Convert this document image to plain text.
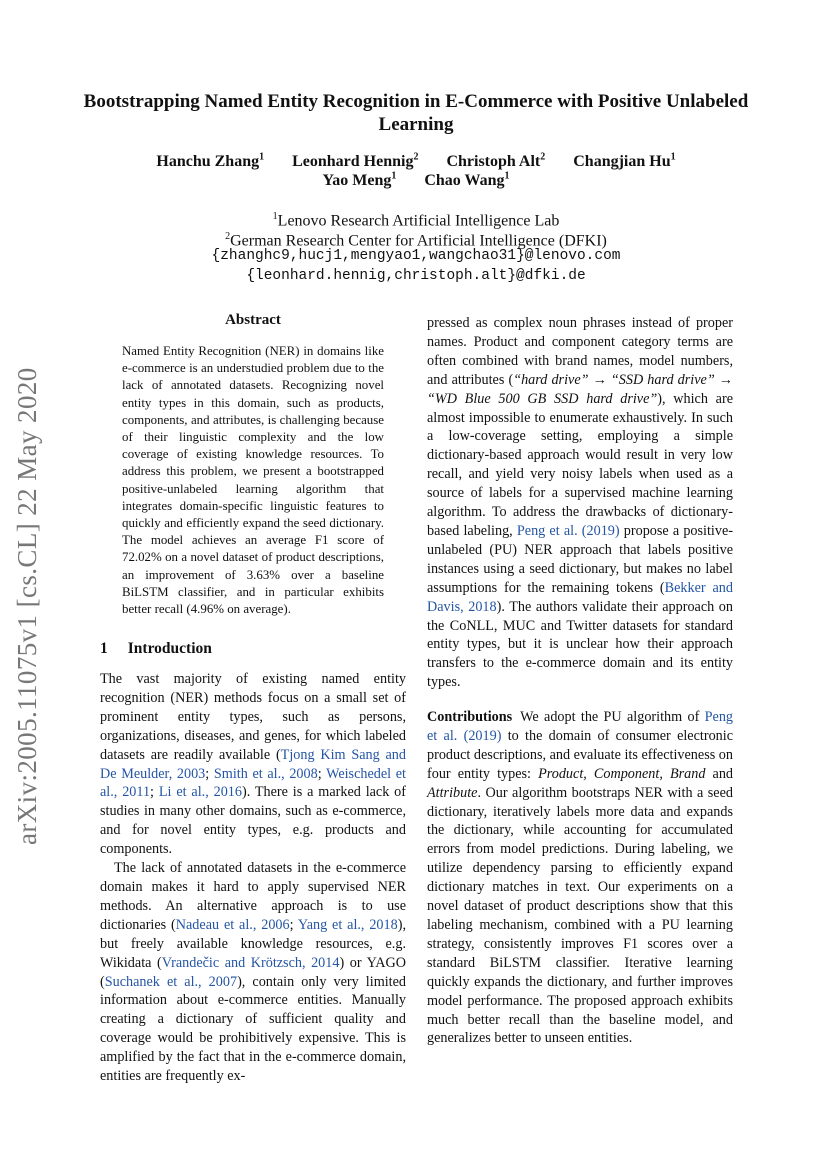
arXiv:2005.11075v1 [cs.CL] 22 May 2020
Bootstrapping Named Entity Recognition in E-Commerce with Positive Unlabeled Learning
Hanchu Zhang$^1$ Leonhard Hennig$^2$ Christoph Alt$^2$ Changjian Hu$^1$
Yao Meng$^1$ Chao Wang$^1$
$^1$Lenovo Research Artificial Intelligence Lab
$^2$German Research Center for Artificial Intelligence (DFKI)
{zhanghc9,hucj1,mengyao1,wangchao31}@lenovo.com
{leonhard.hennig,christoph.alt}@dfki.de
Abstract
Named Entity Recognition (NER) in domains like e-commerce is an understudied problem due to the lack of annotated datasets. Recognizing novel entity types in this domain, such as products, components, and attributes, is challenging because of their linguistic complexity and the low coverage of existing knowledge resources. To address this problem, we present a bootstrapped positive-unlabeled learning algorithm that integrates domain-specific linguistic features to quickly and efficiently expand the seed dictionary. The model achieves an average F1 score of 72.02% on a novel dataset of product descriptions, an improvement of 3.63% over a baseline BiLSTM classifier, and in particular exhibits better recall (4.96% on average).
1 Introduction

The vast majority of existing named entity recognition (NER) methods focus on a small set of prominent entity types, such as persons, organizations, diseases, and genes, for which labeled datasets are readily available (Tjong Kim Sang and De Meulder, 2003; Smith et al., 2008; Weischedel et al., 2011; Li et al., 2016). There is a marked lack of studies in many other domains, such as e-commerce, and for novel entity types, e.g. products and components.

The lack of annotated datasets in the e-commerce domain makes it hard to apply supervised NER methods. An alternative approach is to use dictionaries (Nadeau et al., 2006; Yang et al., 2018), but freely available knowledge resources, e.g. Wikidata (Vrandečic and Krötzsch, 2014) or YAGO (Suchanek et al., 2007), contain only very limited information about e-commerce entities. Manually creating a dictionary of sufficient quality and coverage would be prohibitively expensive. This is amplified by the fact that in the e-commerce domain, entities are frequently ex-

pressed as complex noun phrases instead of proper names. Product and component category terms are often combined with brand names, model numbers, and attributes (“hard drive” → “SSD hard drive” → “WD Blue 500 GB SSD hard drive”), which are almost impossible to enumerate exhaustively. In such a low-coverage setting, employing a simple dictionary-based approach would result in very low recall, and yield very noisy labels when used as a source of labels for a supervised machine learning algorithm. To address the drawbacks of dictionary-based labeling, Peng et al. (2019) propose a positive-unlabeled (PU) NER approach that labels positive instances using a seed dictionary, but makes no label assumptions for the remaining tokens (Bekker and Davis, 2018). The authors validate their approach on the CoNLL, MUC and Twitter datasets for standard entity types, but it is unclear how their approach transfers to the e-commerce domain and its entity types.

Contributions We adopt the PU algorithm of Peng et al. (2019) to the domain of consumer electronic product descriptions, and evaluate its effectiveness on four entity types: Product, Component, Brand and Attribute. Our algorithm bootstraps NER with a seed dictionary, iteratively labels more data and expands the dictionary, while accounting for accumulated errors from model predictions. During labeling, we utilize dependency parsing to efficiently expand dictionary matches in text. Our experiments on a novel dataset of product descriptions show that this labeling mechanism, combined with a PU learning strategy, consistently improves F1 scores over a standard BiLSTM classifier. Iterative learning quickly expands the dictionary, and further improves model performance. The proposed approach exhibits much better recall than the baseline model, and generalizes better to unseen entities.
